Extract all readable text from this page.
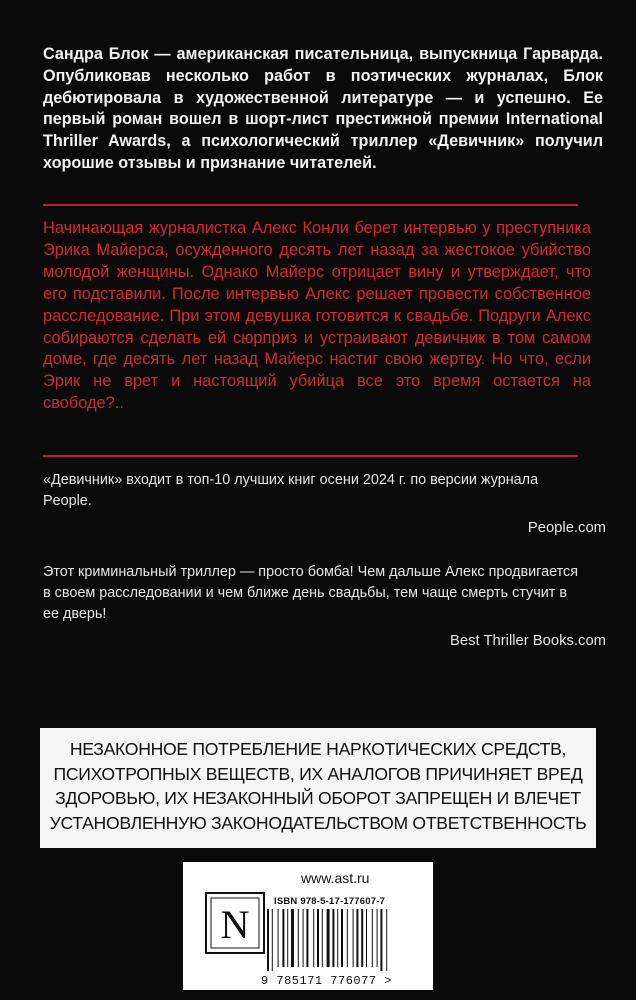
Сандра Блок — американская писательница, выпускница Гарварда. Опубликовав несколько работ в поэтических журналах, Блок дебютировала в художественной литературе — и успешно. Ее первый роман вошел в шорт-лист престижной премии International Thriller Awards, а психологический триллер «Девичник» получил хорошие отзывы и признание читателей.
Начинающая журналистка Алекс Конли берет интервью у преступника Эрика Майерса, осужденного десять лет назад за жестокое убийство молодой женщины. Однако Майерс отрицает вину и утверждает, что его подставили. После интервью Алекс решает провести собственное расследование. При этом девушка готовится к свадьбе. Подруги Алекс собираются сделать ей сюрприз и устраивают девичник в том самом доме, где десять лет назад Майерс настиг свою жертву. Но что, если Эрик не врет и настоящий убийца все это время остается на свободе?..
«Девичник» входит в топ-10 лучших книг осени 2024 г. по версии журнала People.
People.com
Этот криминальный триллер — просто бомба! Чем дальше Алекс продвигается в своем расследовании и чем ближе день свадьбы, тем чаще смерть стучит в ее дверь!
Best Thriller Books.com
НЕЗАКОННОЕ ПОТРЕБЛЕНИЕ НАРКОТИЧЕСКИХ СРЕДСТВ,
ПСИХОТРОПНЫХ ВЕЩЕСТВ, ИХ АНАЛОГОВ ПРИЧИНЯЕТ ВРЕД
ЗДОРОВЬЮ, ИХ НЕЗАКОННЫЙ ОБОРОТ ЗАПРЕЩЕН И ВЛЕЧЕТ
УСТАНОВЛЕННУЮ ЗАКОНОДАТЕЛЬСТВОМ ОТВЕТСТВЕННОСТЬ
www.ast.ru
N
ISBN 978-5-17-177607-7
9 785171 776077 >
